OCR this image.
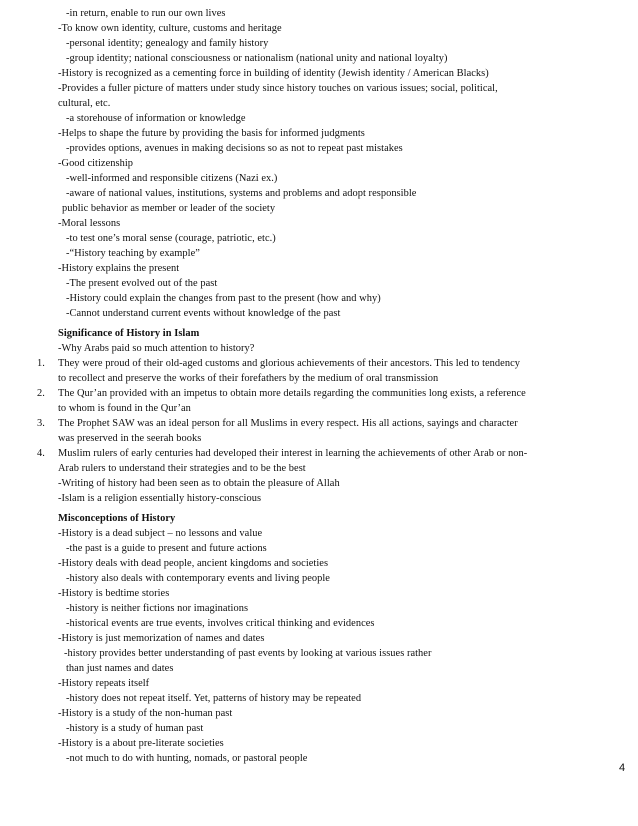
-in return, enable to run our own lives
-To know own identity, culture, customs and heritage
-personal identity; genealogy and family history
-group identity; national consciousness or nationalism (national unity and national loyalty)
-History is recognized as a cementing force in building of identity (Jewish identity / American Blacks)
-Provides a fuller picture of matters under study since history touches on various issues; social, political,
cultural, etc.
-a storehouse of information or knowledge
-Helps to shape the future by providing the basis for informed judgments
-provides options, avenues in making decisions so as not to repeat past mistakes
-Good citizenship
-well-informed and responsible citizens (Nazi ex.)
-aware of national values, institutions, systems and problems and adopt responsible
public behavior as member or leader of the society
-Moral lessons
-to test one’s moral sense (courage, patriotic, etc.)
-“History teaching by example”
-History explains the present
-The present evolved out of the past
-History could explain the changes from past to the present (how and why)
-Cannot understand current events without knowledge of the past
Significance of History in Islam
-Why Arabs paid so much attention to history?
1. They were proud of their old-aged customs and glorious achievements of their ancestors. This led to tendency
to recollect and preserve the works of their forefathers by the medium of oral transmission
2. The Qur’an provided with an impetus to obtain more details regarding the communities long exists, a reference
to whom is found in the Qur’an
3. The Prophet SAW was an ideal person for all Muslims in every respect. His all actions, sayings and character
was preserved in the seerah books
4. Muslim rulers of early centuries had developed their interest in learning the achievements of other Arab or non-
Arab rulers to understand their strategies and to be the best
-Writing of history had been seen as to obtain the pleasure of Allah
-Islam is a religion essentially history-conscious
Misconceptions of History
-History is a dead subject – no lessons and value
-the past is a guide to present and future actions
-History deals with dead people, ancient kingdoms and societies
-history also deals with contemporary events and living people
-History is bedtime stories
-history is neither fictions nor imaginations
-historical events are true events, involves critical thinking and evidences
-History is just memorization of names and dates
-history provides better understanding of past events by looking at various issues rather
than just names and dates
-History repeats itself
-history does not repeat itself. Yet, patterns of history may be repeated
-History is a study of the non-human past
-history is a study of human past
-History is a about pre-literate societies
-not much to do with hunting, nomads, or pastoral people
4
